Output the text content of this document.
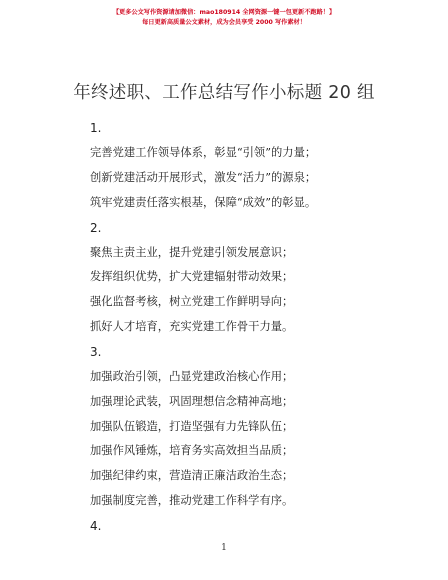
【更多公文写作资源请加微信：mao180914 全网资源一键一包更新不跑路！】
每日更新高质量公文素材，成为会员享受 2000 写作素材！
年终述职、工作总结写作小标题 20 组
1.
完善党建工作领导体系，彰显“引领”的力量；
创新党建活动开展形式，激发“活力”的源泉；
筑牢党建责任落实根基，保障“成效”的彰显。
2.
聚焦主责主业，提升党建引领发展意识；
发挥组织优势，扩大党建辐射带动效果；
强化监督考核，树立党建工作鲜明导向；
抓好人才培育，充实党建工作骨干力量。
3.
加强政治引领，凸显党建政治核心作用；
加强理论武装，巩固理想信念精神高地；
加强队伍锻造，打造坚强有力先锋队伍；
加强作风锤炼，培育务实高效担当品质；
加强纪律约束，营造清正廉洁政治生态；
加强制度完善，推动党建工作科学有序。
4.
1
